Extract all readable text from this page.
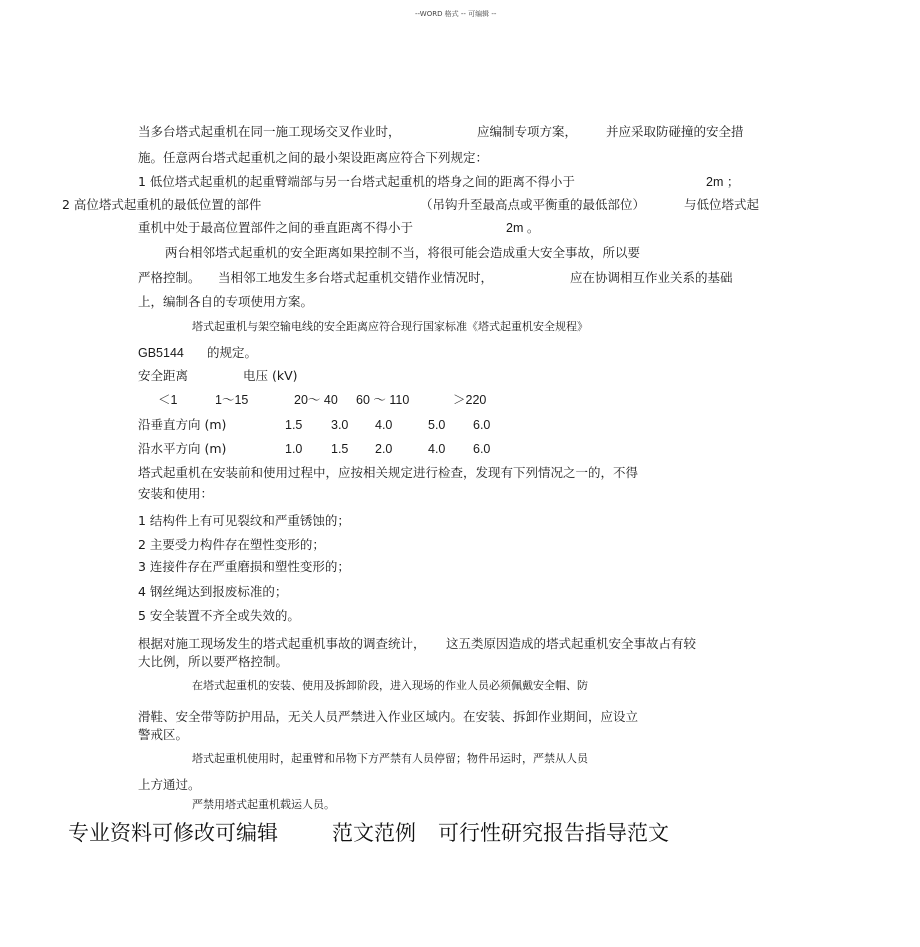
--WORD 格式 -- 可编辑 --
当多台塔式起重机在同一施工现场交叉作业时，	应编制专项方案， 并应采取防碰撞的安全措
施。任意两台塔式起重机之间的最小架设距离应符合下列规定：
1 低位塔式起重机的起重臂端部与另一台塔式起重机的塔身之间的距离不得小于	2m ；
2 高位塔式起重机的最低位置的部件	（吊钩升至最高点或平衡重的最低部位）	与低位塔式起
重机中处于最高位置部件之间的垂直距离不得小于	2m 。
两台相邻塔式起重机的安全距离如果控制不当，将很可能会造成重大安全事故，所以要
严格控制。 当相邻工地发生多台塔式起重机交错作业情况时，	应在协调相互作业关系的基础
上，编制各自的专项使用方案。
塔式起重机与架空输电线的安全距离应符合现行国家标准《塔式起重机安全规程》
GB5144 的规定。
安全距离	电压 (kV)
＜1	1～15	20～ 40 60 ～ 110	＞220
沿垂直方向 (m)	1.5 3.0 4.0	5.0 6.0
沿水平方向 (m)	1.0 1.5 2.0	4.0 6.0
塔式起重机在安装前和使用过程中，应按相关规定进行检查，发现有下列情况之一的，不得
安装和使用：
1 结构件上有可见裂纹和严重锈蚀的；
2 主要受力构件存在塑性变形的；
3 连接件存在严重磨损和塑性变形的；
4 钢丝绳达到报废标准的；
5 安全装置不齐全或失效的。
根据对施工现场发生的塔式起重机事故的调查统计， 这五类原因造成的塔式起重机安全事故占有较
大比例，所以要严格控制。
在塔式起重机的安装、使用及拆卸阶段，进入现场的作业人员必须佩戴安全帽、防
滑鞋、安全带等防护用品，无关人员严禁进入作业区域内。在安装、拆卸作业期间，应设立
警戒区。
塔式起重机使用时，起重臂和吊物下方严禁有人员停留；物件吊运时，严禁从人员
上方通过。
严禁用塔式起重机载运人员。
专业资料可修改可编辑	范文范例 可行性研究报告指导范文
